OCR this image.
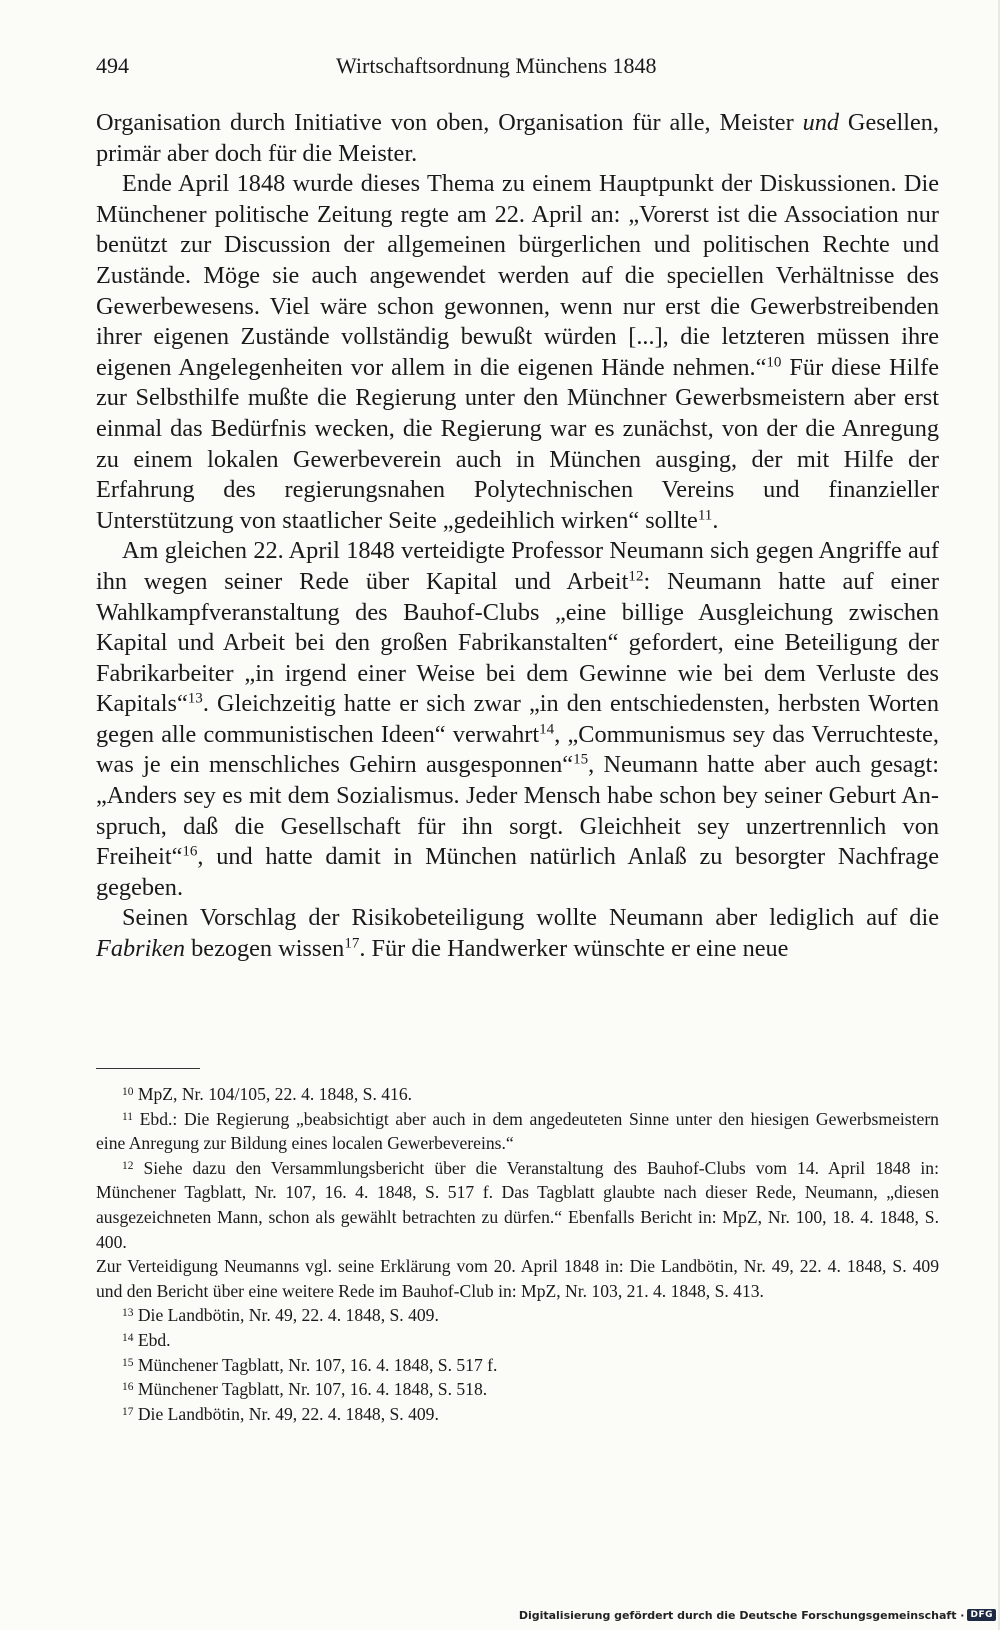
494	Wirtschaftsordnung Münchens 1848

Organisation durch Initiative von oben, Organisation für alle, Meister und Gesellen, primär aber doch für die Meister.

Ende April 1848 wurde dieses Thema zu einem Hauptpunkt der Diskussionen. Die Münchener politische Zeitung regte am 22. April an: „Vorerst ist die Association nur benützt zur Discussion der allgemeinen bürgerlichen und politischen Rechte und Zustände. Möge sie auch angewendet werden auf die speciellen Verhältnisse des Gewerbewesens. Viel wäre schon gewonnen, wenn nur erst die Gewerbstreibenden ihrer eigenen Zustände vollständig bewußt würden [...], die letzteren müssen ihre eigenen Angelegenheiten vor allem in die eigenen Hände nehmen.“$^{10}$ Für diese Hilfe zur Selbsthilfe mußte die Regierung unter den Münchner Gewerbsmeistern aber erst einmal das Bedürfnis wecken, die Regierung war es zunächst, von der die Anregung zu einem lokalen Gewerbeverein auch in München ausging, der mit Hilfe der Erfahrung des regierungsnahen Polytechnischen Vereins und finanzieller Unterstützung von staatlicher Seite „gedeihlich wirken“ sollte$^{11}$.

Am gleichen 22. April 1848 verteidigte Professor Neumann sich gegen Angriffe auf ihn wegen seiner Rede über Kapital und Arbeit$^{12}$: Neumann hatte auf einer Wahlkampfveranstaltung des Bauhof-Clubs „eine billige Ausgleichung zwischen Kapital und Arbeit bei den großen Fabrikanstalten“ gefordert, eine Beteiligung der Fabrikarbeiter „in irgend einer Weise bei dem Gewinne wie bei dem Verluste des Kapitals“$^{13}$. Gleichzeitig hatte er sich zwar „in den entschiedensten, herbsten Worten gegen alle communistischen Ideen“ verwahrt$^{14}$, „Communismus sey das Verruchteste, was je ein menschliches Gehirn ausgesponnen“$^{15}$, Neumann hatte aber auch gesagt: „Anders sey es mit dem Sozialismus. Jeder Mensch habe schon bey seiner Geburt Anspruch, daß die Gesellschaft für ihn sorgt. Gleichheit sey unzertrennlich von Freiheit“$^{16}$, und hatte damit in München natürlich Anlaß zu besorgter Nachfrage gegeben.

Seinen Vorschlag der Risikobeteiligung wollte Neumann aber lediglich auf die Fabriken bezogen wissen$^{17}$. Für die Handwerker wünschte er eine neue

$^{10}$ MpZ, Nr. 104/105, 22. 4. 1848, S. 416.

$^{11}$ Ebd.: Die Regierung „beabsichtigt aber auch in dem angedeuteten Sinne unter den hiesigen Gewerbsmeistern eine Anregung zur Bildung eines localen Gewerbevereins.“

$^{12}$ Siehe dazu den Versammlungsbericht über die Veranstaltung des Bauhof-Clubs vom 14. April 1848 in: Münchener Tagblatt, Nr. 107, 16. 4. 1848, S. 517 f. Das Tagblatt glaubte nach dieser Rede, Neumann, „diesen ausgezeichneten Mann, schon als gewählt betrachten zu dürfen.“ Ebenfalls Bericht in: MpZ, Nr. 100, 18. 4. 1848, S. 400.

Zur Verteidigung Neumanns vgl. seine Erklärung vom 20. April 1848 in: Die Landbötin, Nr. 49, 22. 4. 1848, S. 409 und den Bericht über eine weitere Rede im Bauhof-Club in: MpZ, Nr. 103, 21. 4. 1848, S. 413.

$^{13}$ Die Landbötin, Nr. 49, 22. 4. 1848, S. 409.

$^{14}$ Ebd.

$^{15}$ Münchener Tagblatt, Nr. 107, 16. 4. 1848, S. 517 f.

$^{16}$ Münchener Tagblatt, Nr. 107, 16. 4. 1848, S. 518.

$^{17}$ Die Landbötin, Nr. 49, 22. 4. 1848, S. 409.

Digitalisierung gefördert durch die Deutsche Forschungsgemeinschaft · DFG
